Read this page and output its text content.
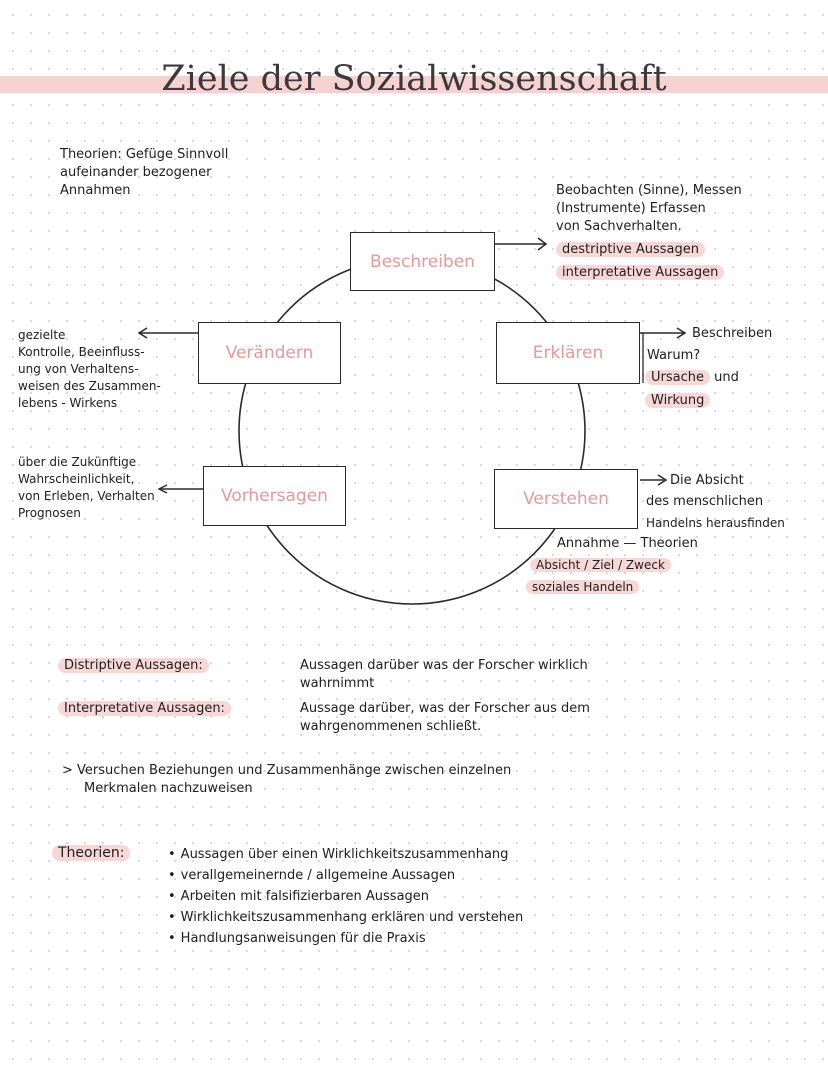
Ziele der Sozialwissenschaft
Theorien: Gefüge Sinnvoll
aufeinander bezogener
Annahmen
Beschreiben
Erklären
Verstehen
Vorhersagen
Verändern
Beobachten (Sinne), Messen
(Instrumente) Erfassen
von Sachverhalten.
destriptive Aussagen
interpretative Aussagen
Beschreiben
Warum?
Ursache und
Wirkung
Die Absicht
des menschlichen
Handelns herausfinden
Annahme — Theorien
Absicht / Ziel / Zweck
soziales Handeln
über die Zukünftige
Wahrscheinlichkeit,
von Erleben, Verhalten
Prognosen
gezielte
Kontrolle, Beeinfluss-
ung von Verhaltens-
weisen des Zusammen-
lebens - Wirkens
Distriptive Aussagen:	Aussagen darüber was der Forscher wirklich
wahrnimmt
Interpretative Aussagen:	Aussage darüber, was der Forscher aus dem
wahrgenommenen schließt.
> Versuchen Beziehungen und Zusammenhänge zwischen einzelnen
Merkmalen nachzuweisen
Theorien:
•	Aussagen über einen Wirklichkeitszusammenhang
• verallgemeinernde / allgemeine Aussagen
• Arbeiten mit falsifizierbaren Aussagen
• Wirklichkeitszusammenhang erklären und verstehen
• Handlungsanweisungen für die Praxis
